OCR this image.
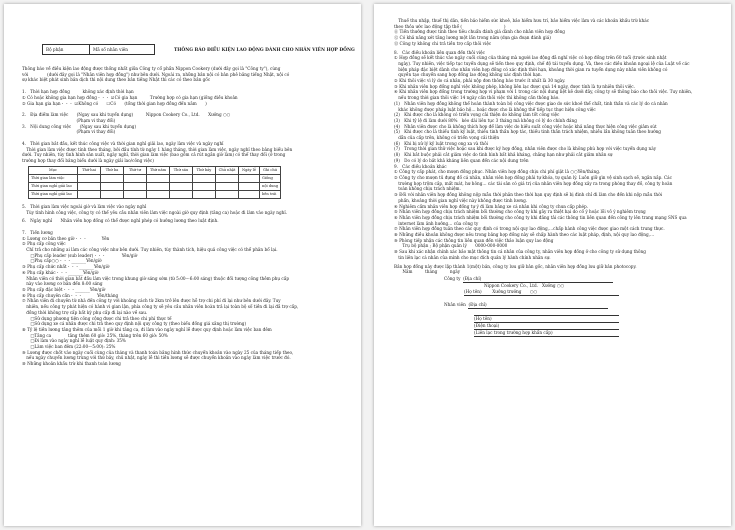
Bộ phận	Mã số nhân viên	THÔNG BÁO ĐIỀU KIỆN LAO ĐỘNG DÀNH CHO NHÂN VIÊN HỢP ĐỒNG
Thông báo về điều kiện lao động được thống nhất giữa Công ty cổ phần Nippon Cookery (dưới đây gọi là "Công ty"), cùng
với_________(dưới đây gọi là "Nhân viên hợp đồng") như bên dưới. Ngoài ra, những bản nội có bản phê bằng tiếng Nhật, nội có
sự khác biệt phát sinh bản dịch thì nội dung theo bản tiếng Nhật thì các có theo bản gốc
1.　Thời hạn hợp đồng　　　không xác định thời hạn
① Có hoặc không gia hạn hợp đồng・・・ ☑Có gia hạn　　　Trường hợp có gia hạn (giống điều khoản
② Gia hạn gia hạn・・・ ☑Không có　　☐Có　　(tổng thời gian hợp đồng đến năm　　)
2.　Địa điểm làm việc　　(Ngay sau khi tuyển dụng)　　　Nippon Cookery Co., Ltd.　　Xưởng ○○
　　　　　　　　　　　　　(Phạm vi thay đổi)
3.　Nội dung công việc　　(Ngay sau khi tuyển dụng)
　　　　　　　　　　　　　(Phạm vi thay đổi)
4.　Thời gian bắt đầu, kết thúc công việc và thời gian nghỉ giải lao, ngày làm việc và ngày nghỉ
　Thời gian làm việc được tính theo tháng, bởi đầu tính từ ngày 1 hàng tháng, thời gian làm việc, ngày nghỉ theo bảng biểu bên
dưới. Tuy nhiên, tùy tình hình sản xuất, ngày nghỉ, thời gian làm việc (bao gồm cả rút ngắn giờ làm) có thể thay đổi (ở trong
trường hợp thay đổi bảng biểu dưới là ngày giải lao/công việc)
Mục	Thứ hai	Thứ ba	Thứ tư	Thứ năm	Thứ sáu	Thứ bảy	Chủ nhật	Ngày lễ	Ghi chú
Thời gian làm việc									Giống
Thời gian nghỉ giải lao									nội dung
Thời gian nghỉ giải lao									bên trái
5.　Thời gian làm việc ngoài giờ và làm việc vào ngày nghỉ
　Tùy tình hình công việc, công ty có thể yêu cầu nhân viên làm việc ngoài giờ quy định (tăng ca) hoặc đi làm vào ngày nghỉ.
6.　Ngày nghỉ　　Nhân viên hợp đồng có thể được nghỉ phép có hưởng lương theo luật định.
7.　Tiền lương
① Lương cơ bản theo giờ・・・_______Yên
② Phụ cấp công việc
　Chỉ trả cho những ai làm các công việc như bên dưới. Tuy nhiên, tùy thành tích, hiệu quả công việc có thể phân bổ lại.
　　□Phụ cấp leader (sub leader)・・・ _______Yên/giờ
　　□Phụ cấp○○・・・_______Yên/giờ
③ Phụ cấp chức nhất・・・_______Yên/giờ
④ Phụ cấp khác・・・_______Yên/giờ
　Nhân viên có thời gian bắt đầu làm việc trong khung giờ sáng sớm (từ 5:00～6:00 sáng) thuộc đối tượng công thêm phụ cấp
　này vào lương cơ bản đến 8:00 sáng
⑤ Phụ cấp đặc biệt・・・_______Yên/giờ
⑥ Phụ cấp chuyên cần・・・_______Yên/tháng
⑦ Nhân viên đi chuyên từ nhà đến công ty với khoảng cách từ 2km trở lên được hỗ trợ chi phí đi lại như bên dưới đây. Tuy
　nhiên, nếu công ty phát hiện có hành vi gian lận, phía công ty sẽ yêu cầu nhân viên hoàn trả lại toàn bộ số tiền đi lại đã trợ cấp,
　đồng thời không trợ cấp bất kỳ phụ cấp đi lại nào về sau.
　　□Sử dụng phương tiện công cộng được chi trả theo chi phí thực tế
　　□Sử dụng xe cá nhân được chi trả theo quy định nội quy công ty (theo biểu đồng giá xăng thị trường)
⑧ Tỷ lệ tiền lương tăng thêm của mỗi 1 giờ khi tăng ca, đi làm vào ngày nghỉ lễ được quy định hoặc làm việc ban đêm
　　□Tăng ca　　　　tăng thêm 60 giờ: 25%, tháng trên 60 giờ: 50%
　　□Đi làm vào ngày nghỉ lễ luật quy định: 35%
　　□Làm việc ban đêm (22:00～5:00): 25%
⑨ Lương được chốt vào ngày cuối cùng của tháng và thanh toán bằng hình thức chuyển khoản vào ngày 25 của tháng tiếp theo,
　nếu ngày chuyển lương trùng với thứ bảy, chủ nhật, ngày lễ thì tiền lương sẽ được chuyển khoản vào ngày làm việc trước đó.
⑩ Những khoản khấu trừ khi thanh toán lương
　Thuế thu nhập, thuế thị dân, tiền bảo hiểm sức khoẻ, bảo hiểm hưu trí, bảo hiểm việc làm và các khoản khấu trừ khác
theo thỏa ước lao động tập thể (　　　　　　　　　　)
⑪ Tiền thưởng được tính theo tiêu chuẩn đánh giá dành cho nhân viên hợp đồng
⑫ Có khả năng xét tăng lương một lần trong năm (dựa gia đoạn đánh giá)
⑬ Công ty không chi trả tiền trợ cấp thôi việc
8.　Các điều khoản liên quan đến thôi việc
① Hợp đồng sẽ kết thúc vào ngày cuối cùng của tháng mà người lao động đã nghỉ việc có hợp đồng trên 60 tuổi (trước sinh nhật
　ngày). Tuy nhiên, việc tiếp tục tuyển dụng sẽ tiến theo quy định, chế độ tái tuyển dụng. Và, theo các điều khoản ngoại lệ của Luật về các
　biện pháp đặc biệt dành cho nhân viên hợp đồng có xác định thời hạn, khoảng thời gian ra tuyển dụng này nhân viên không có
　quyền tạo chuyển sang hợp đồng lao động không xác định thời hạn.
② Khi thôi việc vì lý do cá nhân, phải nộp đơn thông báo trước ít nhất là 30 ngày.
③ Khi nhân viên hợp đồng nghỉ việc không phép, không liên lạc được quá 14 ngày, được tính là tự nhiên thôi việc.
④ Khi nhân viên hợp đồng trong trường hợp vi phạm với 1 trong các nội dung liệt kê dưới đây, công ty sẽ thông báo cho thôi việc. Tuy nhiên,
　nếu trong thời gian thôi việc 14 ngày cần thôi việc thì không cần thông báo.
(1)　Nhân viên hợp đồng không thể hoàn thành toàn bộ công việc được giao do sức khoẻ thể chất, tinh thần và các lý do cá nhân
　khác không được pháp luật bảo hộ… hoặc được cho là không thể tiếp tục thực hiện công việc
(2)　Khi được cho là không có triển vọng cải thiện do không làm tốt công việc
(3)　Khi tỷ lệ đi làm dưới 80%　kéo dài liên tục 3 tháng mà không có lý do chính đáng
(4)　Nhân viên được cho là không thích hợp để làm việc do hiểu suất công việc hoặc khả năng thực hiện công việc giảm sút
(5)　Khi được cho là thiếu tinh kỷ luật, thiếu tinh thần hợp tác, thiếu tinh thần trách nhiệm, nhiều lần không tuân theo hướng
　dẫn của cấp trên, không có triển vọng cải thiện
(6)　Khi bị xử lý kỷ luật trong ong xa và thôi
(7)　Trong thời gian thử việc hoặc sau khi được ký hợp đồng, nhân viên được cho là không phù hợp với việc tuyển dụng này
(8)　Khi bắt buộc phải cắt giảm việc do tình hình bất khả kháng, chẳng hạn như phải cắt giảm nhân sự
(9)　Do có lý do bắt khả kháng liên quan đến các nội dung trên
9.　Các điều khoản khác
① Công ty cấp phát, cho mượn đồng phục. Nhân viên hợp đồng chịu chi phí giặt là ○○Yên/tháng.
② Công ty cho mượn tủ đựng đồ cá nhân, nhân viên hợp đồng phải tự khóa, tự quản lý. Luôn giữ gìn vệ sinh sạch sẽ, ngăn nắp. Các
　trường hợp trộm cắp, mất mát, hư hỏng… các tài sản có giá trị của nhân viên hợp đồng xảy ra trong phòng thay đồ, công ty hoàn
　toàn không chịu trách nhiệm.
③ Đối với nhân viên hợp đồng không nộp mẫu thời phân theo thời hạn quy định sẽ bị đình chỉ đi làm cho đến khi nộp mẫu thời
　phần, khoảng thời gian nghỉ việc này không được tính lương.
④ Nghiêm cấm nhân viên hợp đồng tự ý đi làm bằng xe cá nhân khi công ty chưa cấp phép.
⑤ Nhân viên hợp đồng chịu trách nhiệm bồi thường cho công ty khi gây ra thiệt hại do cố ý hoặc lỗi vô ý nghiêm trọng
⑥ Nhân viên hợp đồng chịu trách nhiệm bồi thường cho công ty khi đăng tải các thông tin liên quan đến công ty lên trang mạng SNS qua
　internet làm ảnh hưởng… của công ty
⑦ Nhân viên hợp đồng tuân theo các quy định có trong nội quy lao động,…chấp hành công việc được giao một cách trung thực.
⑧ Những điều khoản không được nêu trong bảng hợp đồng này sẽ chấp hành theo các luật pháp, định, nội quy lao động,…
⑨ Phòng tiếp nhận các thông tin liên quan đến việc thảo luận quy lao động
　　Trụ bộ phận ; Bộ phận quản lý　　0000-000-0000
⑩ Sau khi xác nhận chính xác bảo mật thông tin cá nhân của công ty, nhân viên hợp đồng ở cho công ty sử dụng thông
　tin liên lạc cá nhân của mình cho mục đích quản lý hành chính nhân sự.
Bản hợp đồng này được lập thành 1(một) bản, công ty lưu giữ bản gốc, nhân viên hợp đồng lưu giữ bản photocopy.
　　Năm　　　tháng　　　ngày
Công ty (Địa chỉ)
Nippon Cookery Co., Ltd. Xưởng ○○
(Họ tên)	Xưởng trưởng　　○○
Nhân viên (Địa chỉ)

(Họ tên)
(Điện thoại)
(Liên lạc trong trường hợp khẩn cấp)
